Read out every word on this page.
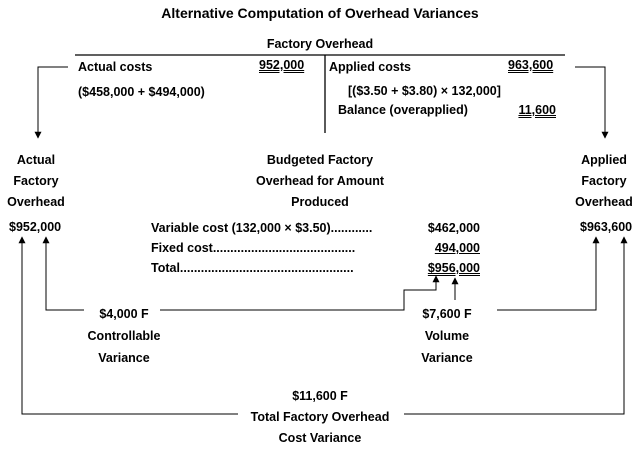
Alternative Computation of Overhead Variances
Factory Overhead
Actual costs	952,000
($458,000 + $494,000)
Applied costs	963,600
[($3.50 + $3.80) × 132,000]
Balance (overapplied)	11,600
Actual
Factory
Overhead
$952,000
Budgeted Factory
Overhead for Amount
Produced
Variable cost (132,000 × $3.50)............	$462,000
Fixed cost.........................................	494,000
Total..................................................	$956,000
Applied
Factory
Overhead
$963,600
$4,000 F
Controllable
Variance
$7,600 F
Volume
Variance
$11,600 F
Total Factory Overhead
Cost Variance
